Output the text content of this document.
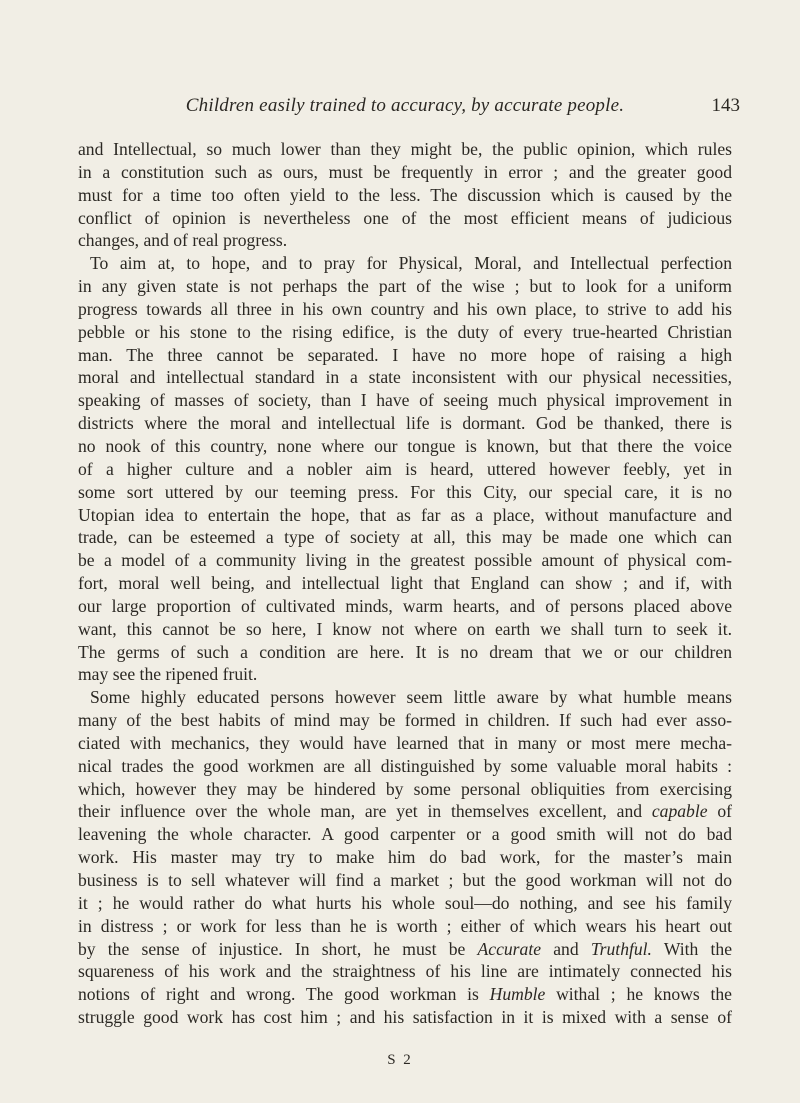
Children easily trained to accuracy, by accurate people.	143
and Intellectual, so much lower than they might be, the public opinion, which rules
in a constitution such as ours, must be frequently in error ; and the greater good
must for a time too often yield to the less. The discussion which is caused by the
conflict of opinion is nevertheless one of the most efficient means of judicious
changes, and of real progress.
To aim at, to hope, and to pray for Physical, Moral, and Intellectual perfection
in any given state is not perhaps the part of the wise ; but to look for a uniform
progress towards all three in his own country and his own place, to strive to add his
pebble or his stone to the rising edifice, is the duty of every true-hearted Christian
man. The three cannot be separated. I have no more hope of raising a high
moral and intellectual standard in a state inconsistent with our physical necessities,
speaking of masses of society, than I have of seeing much physical improvement in
districts where the moral and intellectual life is dormant. God be thanked, there is
no nook of this country, none where our tongue is known, but that there the voice
of a higher culture and a nobler aim is heard, uttered however feebly, yet in
some sort uttered by our teeming press. For this City, our special care, it is no
Utopian idea to entertain the hope, that as far as a place, without manufacture and
trade, can be esteemed a type of society at all, this may be made one which can
be a model of a community living in the greatest possible amount of physical com-
fort, moral well being, and intellectual light that England can show ; and if, with
our large proportion of cultivated minds, warm hearts, and of persons placed above
want, this cannot be so here, I know not where on earth we shall turn to seek it.
The germs of such a condition are here. It is no dream that we or our children
may see the ripened fruit.
Some highly educated persons however seem little aware by what humble means
many of the best habits of mind may be formed in children. If such had ever asso-
ciated with mechanics, they would have learned that in many or most mere mecha-
nical trades the good workmen are all distinguished by some valuable moral habits :
which, however they may be hindered by some personal obliquities from exercising
their influence over the whole man, are yet in themselves excellent, and capable of
leavening the whole character. A good carpenter or a good smith will not do bad
work. His master may try to make him do bad work, for the master’s main
business is to sell whatever will find a market ; but the good workman will not do
it ; he would rather do what hurts his whole soul—do nothing, and see his family
in distress ; or work for less than he is worth ; either of which wears his heart out
by the sense of injustice. In short, he must be Accurate and Truthful. With the
squareness of his work and the straightness of his line are intimately connected his
notions of right and wrong. The good workman is Humble withal ; he knows the
struggle good work has cost him ; and his satisfaction in it is mixed with a sense of
S 2
